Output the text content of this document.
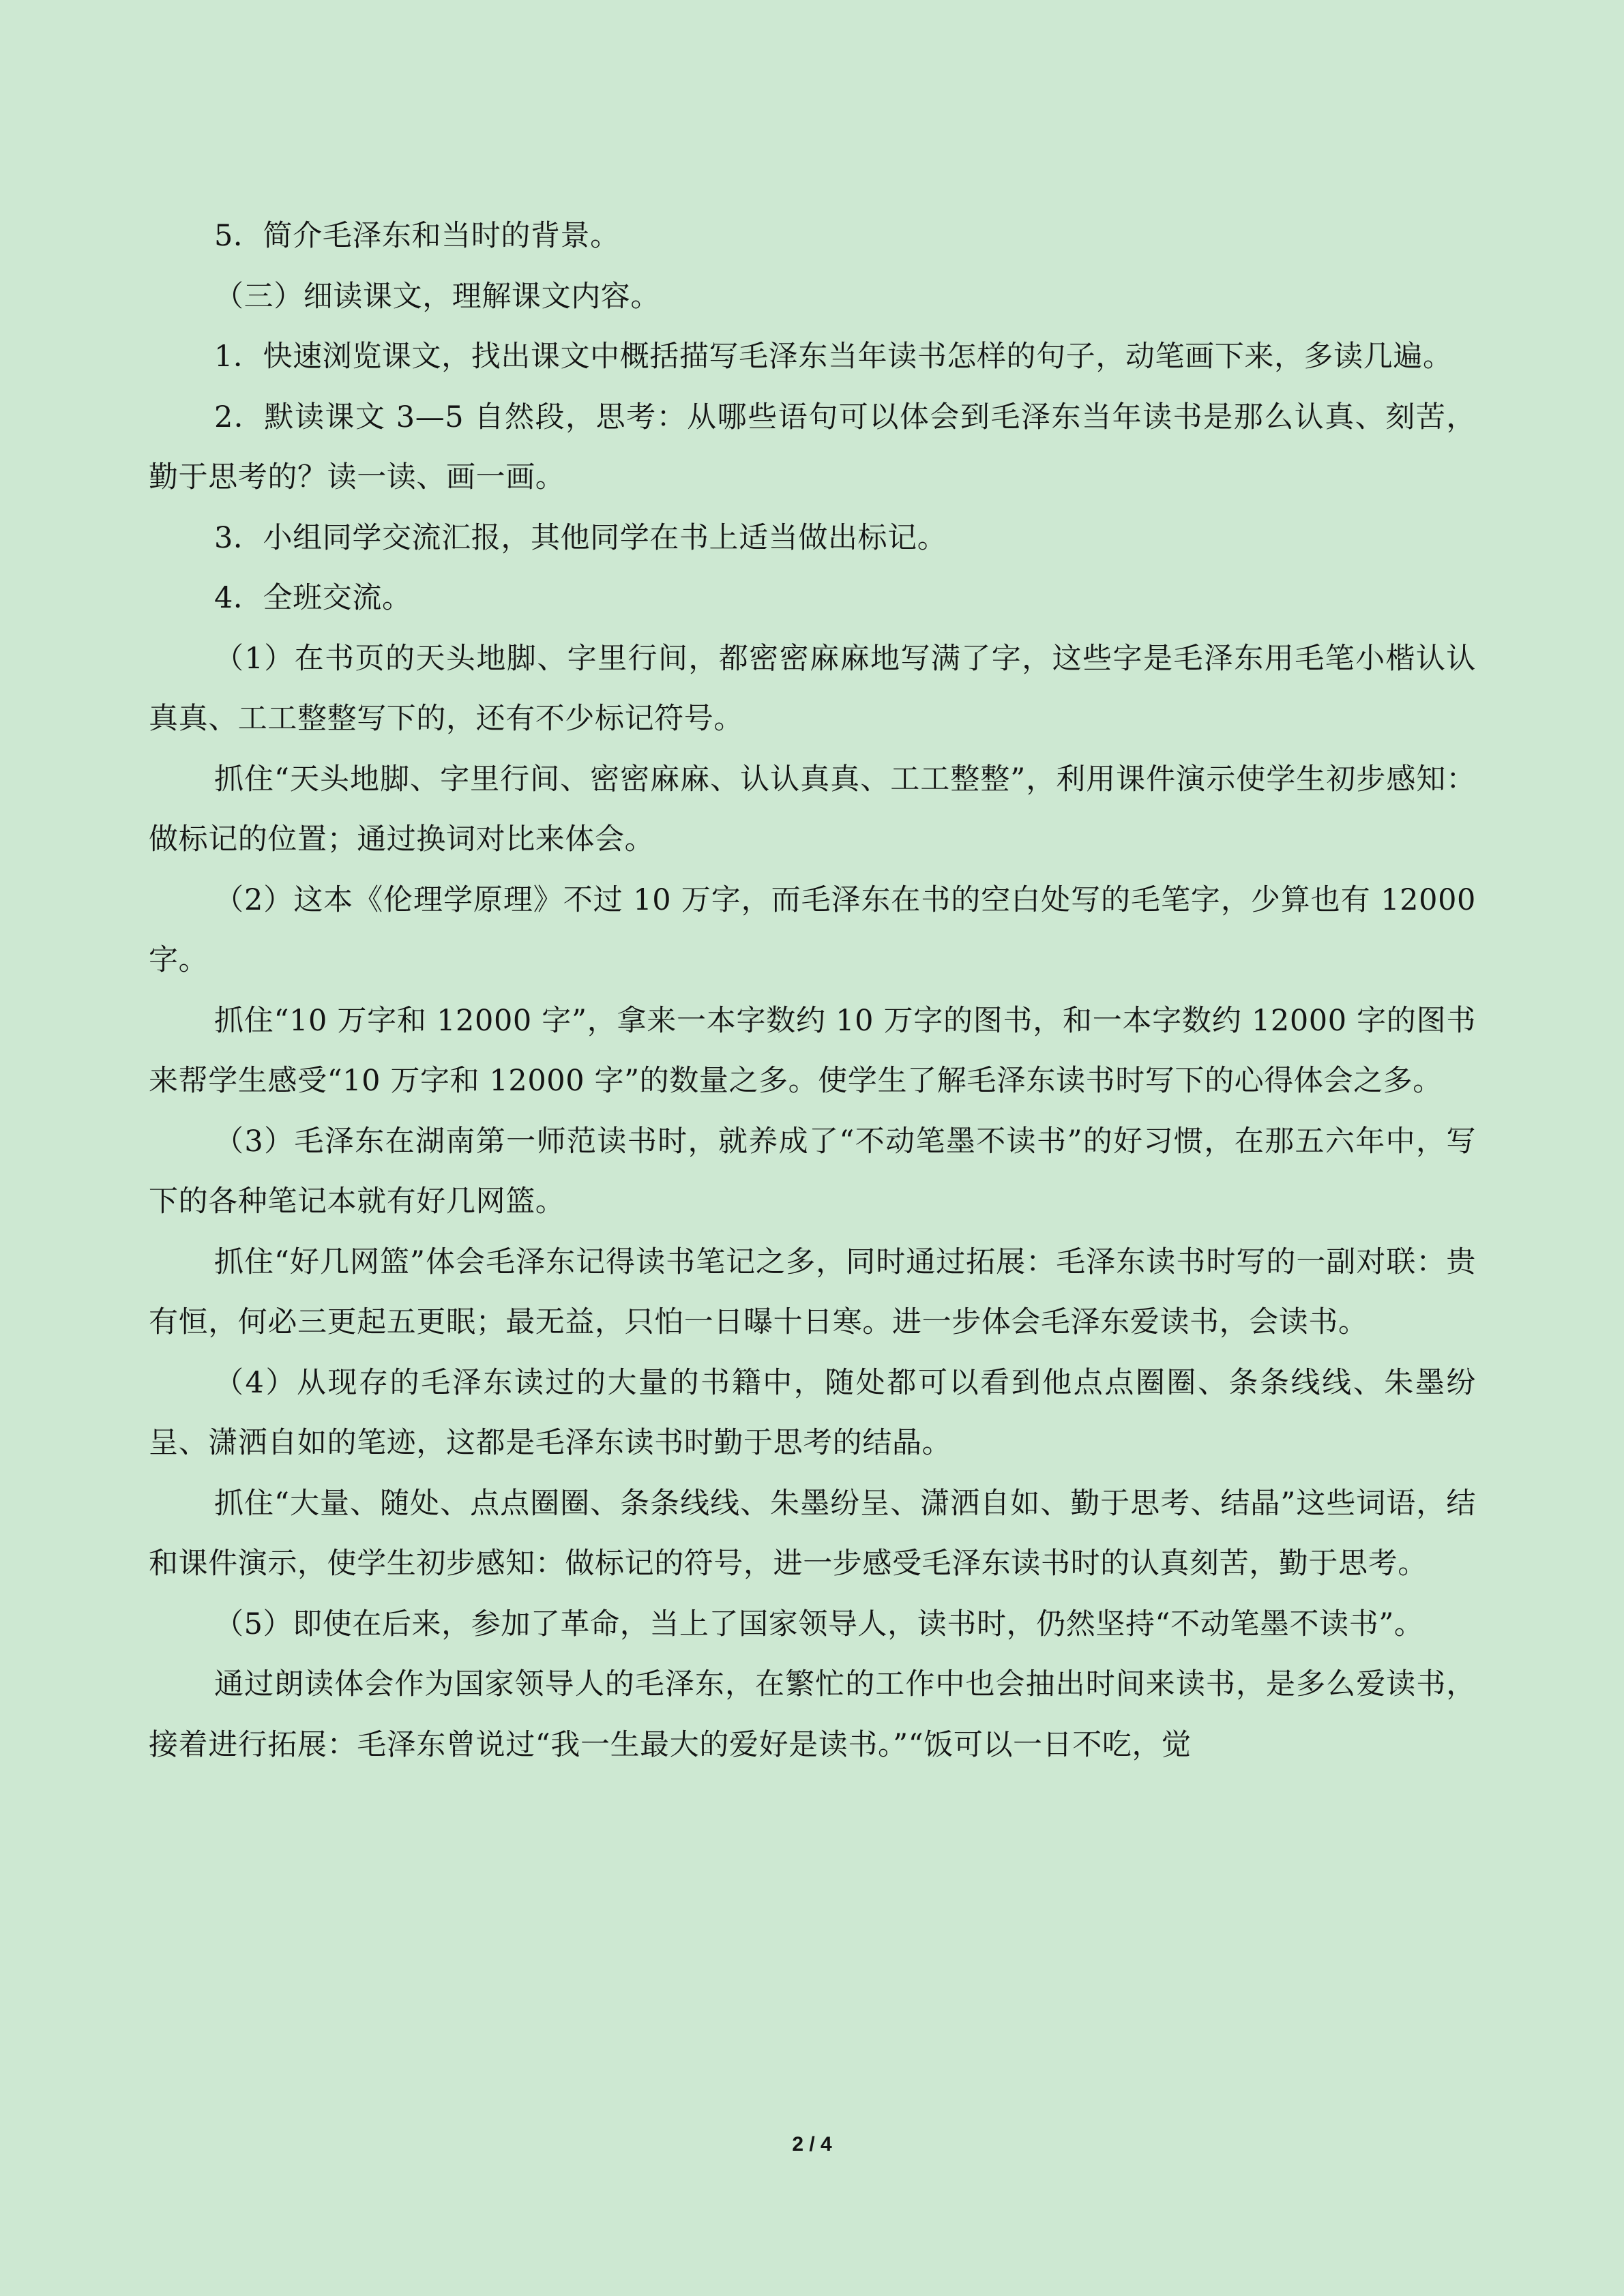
5．简介毛泽东和当时的背景。

（三）细读课文，理解课文内容。

1．快速浏览课文，找出课文中概括描写毛泽东当年读书怎样的句子，动笔画下来，多读几遍。

2．默读课文 3—5 自然段，思考：从哪些语句可以体会到毛泽东当年读书是那么认真、刻苦，勤于思考的？读一读、画一画。

3．小组同学交流汇报，其他同学在书上适当做出标记。

4．全班交流。

（1）在书页的天头地脚、字里行间，都密密麻麻地写满了字，这些字是毛泽东用毛笔小楷认认真真、工工整整写下的，还有不少标记符号。

抓住“天头地脚、字里行间、密密麻麻、认认真真、工工整整”，利用课件演示使学生初步感知：做标记的位置；通过换词对比来体会。

（2）这本《伦理学原理》不过 10 万字，而毛泽东在书的空白处写的毛笔字，少算也有 12000 字。

抓住“10 万字和 12000 字”，拿来一本字数约 10 万字的图书，和一本字数约 12000 字的图书来帮学生感受“10 万字和 12000 字”的数量之多。使学生了解毛泽东读书时写下的心得体会之多。

（3）毛泽东在湖南第一师范读书时，就养成了“不动笔墨不读书”的好习惯，在那五六年中，写下的各种笔记本就有好几网篮。

抓住“好几网篮”体会毛泽东记得读书笔记之多，同时通过拓展：毛泽东读书时写的一副对联：贵有恒，何必三更起五更眠；最无益，只怕一日曝十日寒。进一步体会毛泽东爱读书，会读书。

（4）从现存的毛泽东读过的大量的书籍中，随处都可以看到他点点圈圈、条条线线、朱墨纷呈、潇洒自如的笔迹，这都是毛泽东读书时勤于思考的结晶。

抓住“大量、随处、点点圈圈、条条线线、朱墨纷呈、潇洒自如、勤于思考、结晶”这些词语，结和课件演示，使学生初步感知：做标记的符号，进一步感受毛泽东读书时的认真刻苦，勤于思考。

（5）即使在后来，参加了革命，当上了国家领导人，读书时，仍然坚持“不动笔墨不读书”。

通过朗读体会作为国家领导人的毛泽东，在繁忙的工作中也会抽出时间来读书，是多么爱读书，接着进行拓展：毛泽东曾说过“我一生最大的爱好是读书。”“饭可以一日不吃，觉

2 / 4
